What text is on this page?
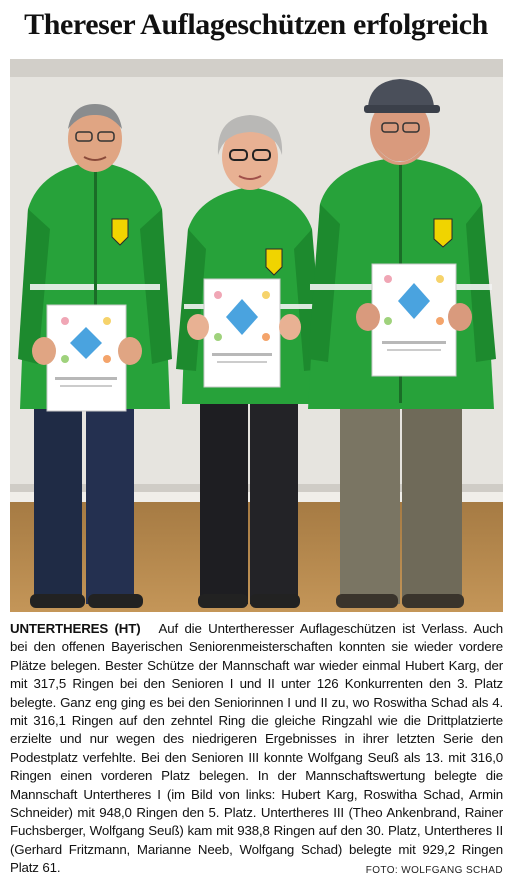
Thereser Auflageschützen erfolgreich

UNTERTHERES (HT) Auf die Untertheresser Auflageschützen ist Verlass. Auch bei den offenen Bayerischen Seniorenmeisterschaften konnten sie wieder vordere Plätze belegen. Bester Schütze der Mannschaft war wieder einmal Hubert Karg, der mit 317,5 Ringen bei den Senioren I und II unter 126 Konkurrenten den 3. Platz belegte. Ganz eng ging es bei den Seniorinnen I und II zu, wo Roswitha Schad als 4. mit 316,1 Ringen auf den zehntel Ring die gleiche Ringzahl wie die Drittplatzierte erzielte und nur wegen des niedrigeren Ergebnisses in ihrer letzten Serie den Podestplatz verfehlte. Bei den Senioren III konnte Wolfgang Seuß als 13. mit 316,0 Ringen einen vorderen Platz belegen. In der Mannschaftswertung belegte die Mannschaft Untertheres I (im Bild von links: Hubert Karg, Roswitha Schad, Armin Schneider) mit 948,0 Ringen den 5. Platz. Untertheres III (Theo Ankenbrand, Rainer Fuchsberger, Wolfgang Seuß) kam mit 938,8 Ringen auf den 30. Platz, Untertheres II (Gerhard Fritzmann, Marianne Neeb, Wolfgang Schad) belegte mit 929,2 Ringen Platz 61.	FOTO: WOLFGANG SCHAD
